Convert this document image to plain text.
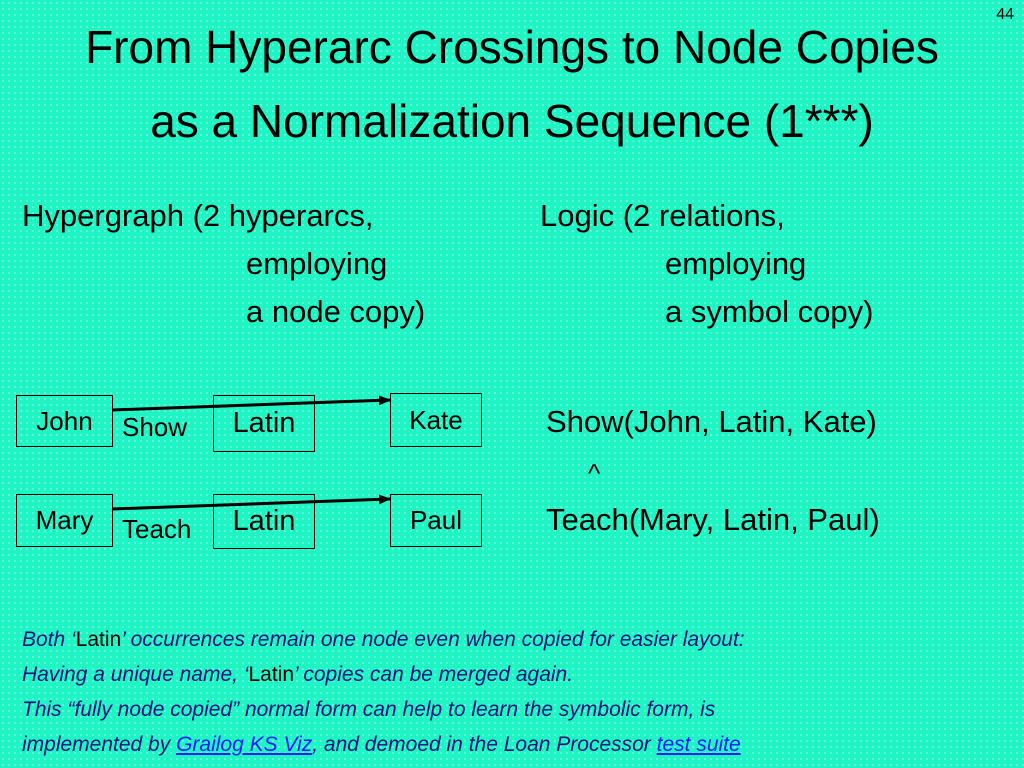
44
From Hyperarc Crossings to Node Copies
as a Normalization Sequence (1***)
Hypergraph (2 hyperarcs,
employing
a node copy)
Logic (2 relations,
employing
a symbol copy)
John	Show	Latin	Kate
Mary	Teach	Latin	Paul
Show(John, Latin, Kate)
^
Teach(Mary, Latin, Paul)
Both ‘Latin’ occurrences remain one node even when copied for easier layout:
Having a unique name, ‘Latin’ copies can be merged again.
This “fully node copied” normal form can help to learn the symbolic form, is
implemented by Grailog KS Viz, and demoed in the Loan Processor test suite
